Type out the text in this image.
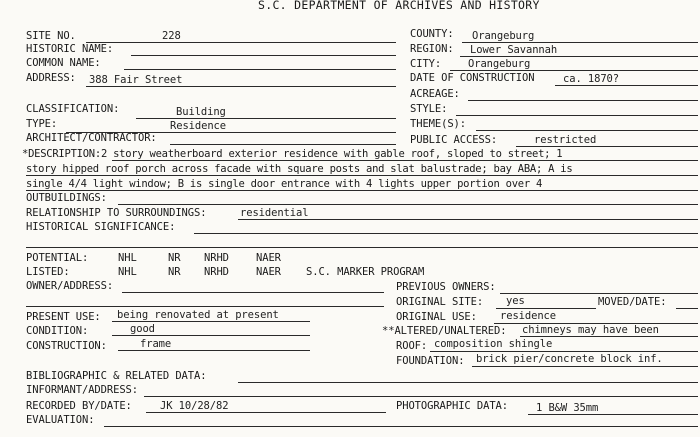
S.C. DEPARTMENT OF ARCHIVES AND HISTORY
SITE NO.	228
HISTORIC NAME:
COMMON NAME:
ADDRESS: 388 Fair Street
CLASSIFICATION:	Building
TYPE:	Residence
ARCHITECT/CONTRACTOR:
COUNTY: Orangeburg
REGION: Lower Savannah
CITY:	Orangeburg
DATE OF CONSTRUCTION	ca. 1870?
ACREAGE:
STYLE:
THEME(S):
PUBLIC ACCESS:	restricted
*DESCRIPTION:2 story weatherboard exterior residence with gable roof, sloped to street; 1
story hipped roof porch across facade with square posts and slat balustrade; bay ABA; A is
single 4/4 light window; B is single door entrance with 4 lights upper portion over 4
OUTBUILDINGS:
RELATIONSHIP TO SURROUNDINGS:	residential
HISTORICAL SIGNIFICANCE:
POTENTIAL:	NHL	NR NRHD	NAER
LISTED:	NHL	NR NRHD	NAER S.C. MARKER PROGRAM
OWNER/ADDRESS:	PREVIOUS OWNERS:
ORIGINAL SITE: yes	MOVED/DATE:
PRESENT USE: being renovated at present	ORIGINAL USE: residence
CONDITION:	good	**ALTERED/UNALTERED: chimneys may have been
CONSTRUCTION:	frame	ROOF: composition shingle
FOUNDATION: brick pier/concrete block inf.
BIBLIOGRAPHIC & RELATED DATA:
INFORMANT/ADDRESS:
RECORDED BY/DATE:	JK 10/28/82	PHOTOGRAPHIC DATA:	1 B&W 35mm
EVALUATION:
